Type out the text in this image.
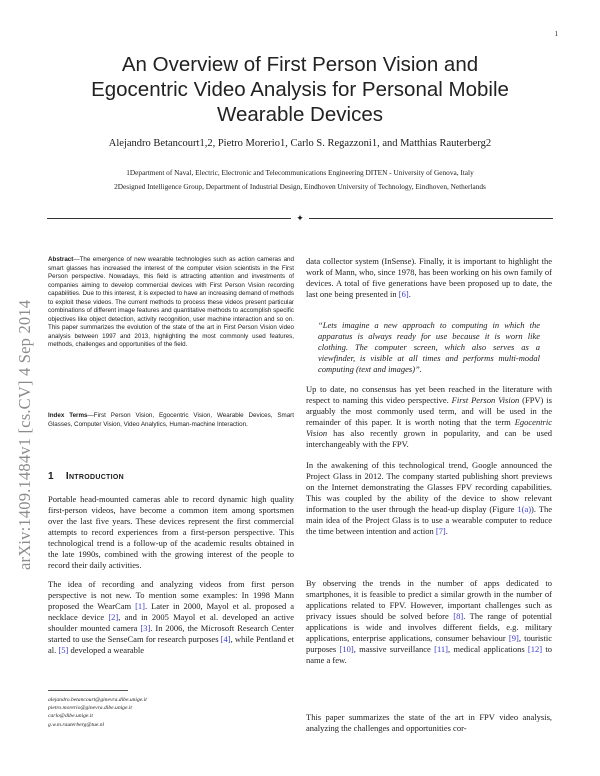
1
arXiv:1409.1484v1 [cs.CV] 4 Sep 2014
An Overview of First Person Vision and
Egocentric Video Analysis for Personal Mobile
Wearable Devices
Alejandro Betancourt1,2, Pietro Morerio1, Carlo S. Regazzoni1, and Matthias Rauterberg2
1Department of Naval, Electric, Electronic and Telecommunications Engineering DITEN - University of Genova, Italy
2Designed Intelligence Group, Department of Industrial Design, Eindhoven University of Technology, Eindhoven, Netherlands
✦
Abstract—The emergence of new wearable technologies such as action cameras and smart glasses has increased the interest of the computer vision scientists in the First Person perspective. Nowadays, this field is attracting attention and investments of companies aiming to develop commercial devices with First Person Vision recording capabilities. Due to this interest, it is expected to have an increasing demand of methods to exploit these videos. The current methods to process these videos present particular combinations of different image features and quantitative methods to accomplish specific objectives like object detection, activity recognition, user machine interaction and so on. This paper summarizes the evolution of the state of the art in First Person Vision video analysis between 1997 and 2013, highlighting the most commonly used features, methods, challenges and opportunities of the field.
Index Terms—First Person Vision, Egocentric Vision, Wearable Devices, Smart Glasses, Computer Vision, Video Analytics, Human-machine Interaction.
1 Introduction

Portable head-mounted cameras able to record dynamic high quality first-person videos, have become a common item among sportsmen over the last five years. These devices represent the first commercial attempts to record experiences from a first-person perspective. This technological trend is a follow-up of the academic results obtained in the late 1990s, combined with the growing interest of the people to record their daily activities.

The idea of recording and analyzing videos from first person perspective is not new. To mention some examples: In 1998 Mann proposed the WearCam [1]. Later in 2000, Mayol et al. proposed a necklace device [2], and in 2005 Mayol et al. developed an active shoulder mounted camera [3]. In 2006, the Microsoft Research Center started to use the SenseCam for research purposes [4], while Pentland et al. [5] developed a wearable

alejandro.betancourt@ginevra.dibe.unige.it
pietro.morerio@ginevra.dibe.unige.it
carlo@dibe.unige.it
g.w.m.rauterberg@tue.nl

data collector system (InSense). Finally, it is important to highlight the work of Mann, who, since 1978, has been working on his own family of devices. A total of five generations have been proposed up to date, the last one being presented in [6].

“Lets imagine a new approach to computing in which the apparatus is always ready for use because it is worn like clothing. The computer screen, which also serves as a viewfinder, is visible at all times and performs multi-modal computing (text and images)”.

Up to date, no consensus has yet been reached in the literature with respect to naming this video perspective. First Person Vision (FPV) is arguably the most commonly used term, and will be used in the remainder of this paper. It is worth noting that the term Egocentric Vision has also recently grown in popularity, and can be used interchangeably with the FPV.

In the awakening of this technological trend, Google announced the Project Glass in 2012. The company started publishing short previews on the Internet demonstrating the Glasses FPV recording capabilities. This was coupled by the ability of the device to show relevant information to the user through the head-up display (Figure 1(a)). The main idea of the Project Glass is to use a wearable computer to reduce the time between intention and action [7].

By observing the trends in the number of apps dedicated to smartphones, it is feasible to predict a similar growth in the number of applications related to FPV. However, important challenges such as privacy issues should be solved before [8]. The range of potential applications is wide and involves different fields, e.g. military applications, enterprise applications, consumer behaviour [9], touristic purposes [10], massive surveillance [11], medical applications [12] to name a few.

This paper summarizes the state of the art in FPV video analysis, analyzing the challenges and opportunities cor-
